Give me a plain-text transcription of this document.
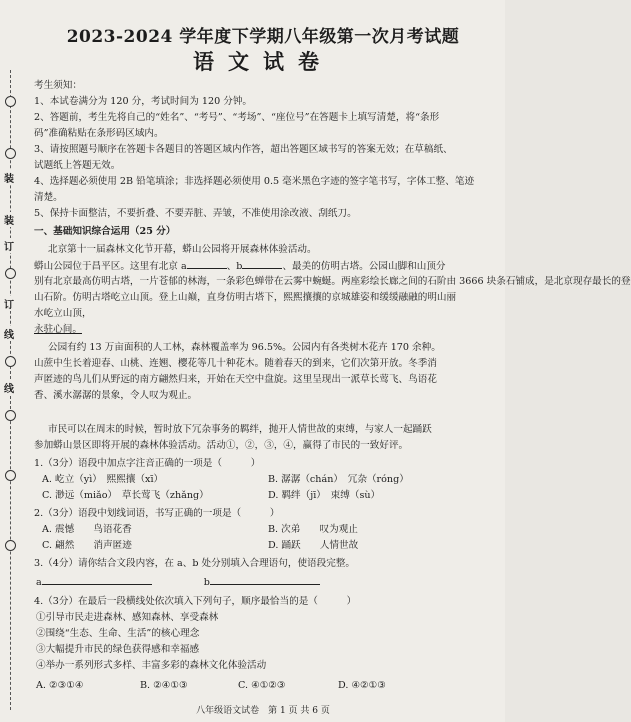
装
装
订
订
线
线
2023-2024 学年度下学期八年级第一次月考试题
语文试卷
考生须知：
1、本试卷满分为 120 分，考试时间为 120 分钟。
2、答题前，考生先将自己的“姓名”、“考号”、“考场”、“座位号”在答题卡上填写清楚，将“条形
码”准确粘贴在条形码区域内。
3、请按照题号顺序在答题卡各题目的答题区域内作答，超出答题区域书写的答案无效；在草稿纸、
试题纸上答题无效。
4、选择题必须使用 2B 铅笔填涂；非选择题必须使用 0.5 毫米黑色字迹的签字笔书写，字体工整、笔迹
清楚。
5、保持卡面整洁，不要折叠、不要弄脏、弄皱，不准使用涂改液、刮纸刀。
一、基础知识综合运用（25 分）
北京第十一届森林文化节开幕，蟒山公园将开展森林体验活动。
蟒山公园位于昌平区。这里有北京 a	、b	、最美的仿明古塔。公园山脚和山顶分
别有北京最高仿明古塔，一片苍郁的林海，一条彩色蝉带在云雾中蜿蜒。两座彩绘长廊之间的石阶由 3666 块条石铺成，是北京现存最长的登
山石阶。仿明古塔屹立山顶。登上山巅，直身仿明古塔下，熙熙攘攘的京城雄姿和缓缓融融的明山丽
水屹立山顶，
永驻心间。
公园有约 13 万亩面积的人工林，森林覆盖率为 96.5%。公园内有各类树木花卉 170 余种。
山蔗中生长着迎春、山桃、连翘、樱花等几十种花木。随着春天的到来，它们次第开放。冬季消
声匿迹的鸟儿们从野远的南方翩然归来，开始在天空中盘旋。这里呈现出一派草长莺飞、鸟语花
香、溪水潺潺的景象，令人叹为观止。
市民可以在周末的时候，暂时放下冗杂事务的羁绊，抛开人情世故的束缚，与家人一起踊跃
参加蟒山景区即将开展的森林体验活动。活动①，②，③，④，赢得了市民的一致好评。
1.（3分）语段中加点字注音正确的一项是（　　　）
A. 屹立（yì）　熙熙攘（xī）	B. 潺潺（chán）　冗杂（róng）
C. 渺远（miǎo）　草长莺飞（zhǎng）	D. 羁绊（jī）　束缚（sù）
2.（3分）语段中划线词语，书写正确的一项是（　　　）
A. 震憾　　鸟语花香	B. 次弟　　叹为观止
C. 翩然　　消声匿迹	D. 踊跃　　人情世故
3.（4分）请你结合文段内容，在 a、b 处分别填入合理语句，使语段完整。
a	b
4.（3分）在最后一段横线处依次填入下列句子，顺序最恰当的是（　　　）
①引导市民走进森林、感知森林、享受森林
②围绕“生态、生命、生活”的核心理念
③大幅提升市民的绿色获得感和幸福感
④举办一系列形式多样、丰富多彩的森林文化体验活动
A. ②③①④	B. ②④①③	C. ④①②③	D. ④②①③
八年级语文试卷　第 1 页 共 6 页
